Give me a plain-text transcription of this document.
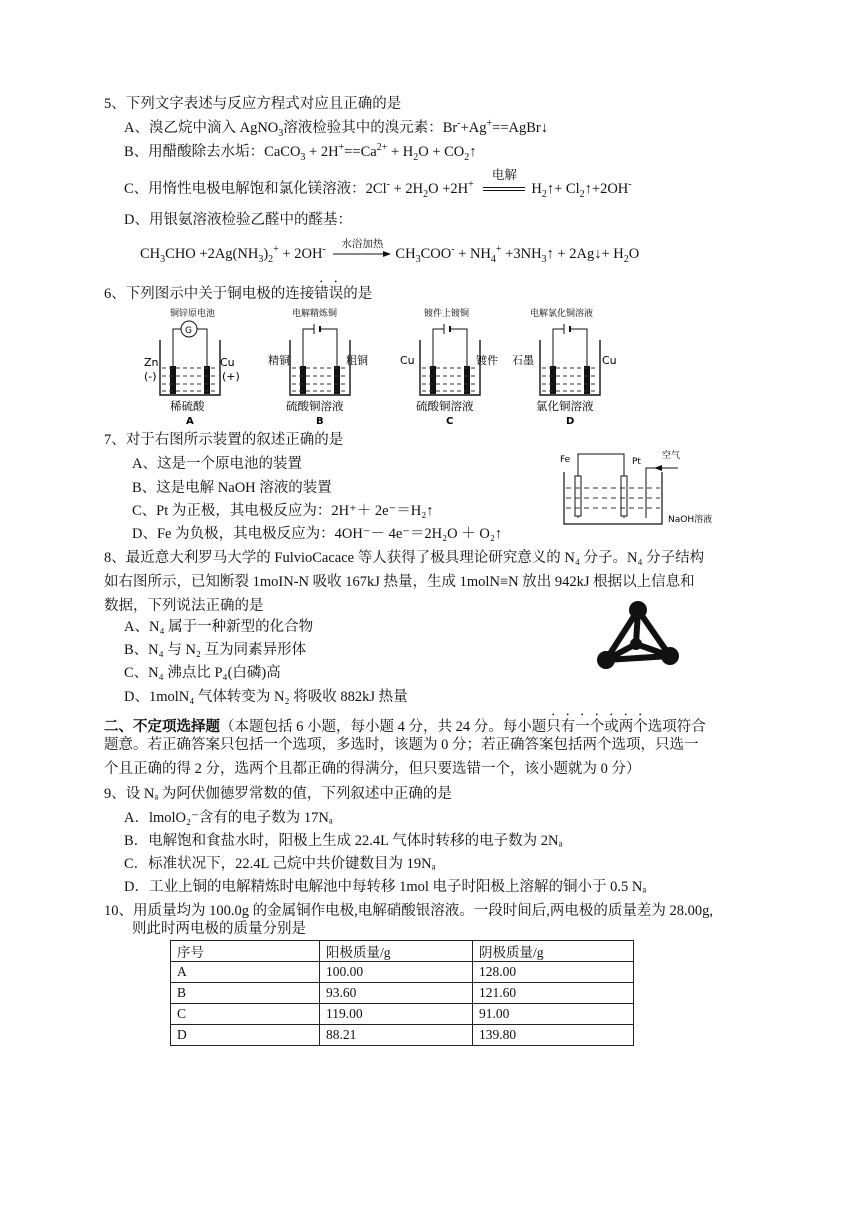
5、下列文字表述与反应方程式对应且正确的是
A、溴乙烷中滴入 AgNO$_3$溶液检验其中的溴元素：Br-+Ag+==AgBr↓
B、用醋酸除去水垢：CaCO$_3$ + $2H^+==Ca^{2+} + H_2O$ + $CO_2↑$
C、用惰性电极电解饱和氯化镁溶液：$2Cl^- + 2H_2O +2H^+$
电解
$H_2↑+$ $Cl_2↑+2OH^-$
D、用银氨溶液检验乙醛中的醛基：
$CH_3CHO +2Ag(NH_3)_2^+ + 2OH^-$	水浴加热
$CH_3COO^- + NH_4^+$ $+3NH_3↑$ + 2Ag↓+ $H_2O$
6、下列图示中关于铜电极的连接错误的是
铜锌原电池
G
Zn
(-)
Cu
(+)
稀硫酸
A
电解精炼铜
精铜	粗铜
硫酸铜溶液
B
镀件上镀铜
Cu	镀件
硫酸铜溶液
C
电解氯化铜溶液
石墨	Cu
氯化铜溶液
D
7、对于右图所示装置的叙述正确的是
A、这是一个原电池的装置
B、这是电解 NaOH 溶液的装置
C、Pt 为正极，其电极反应为：2H⁺＋ 2e⁻＝H₂↑
D、Fe 为负极，其电极反应为：4OH⁻－ 4e⁻＝2H₂O ＋ O₂↑
Fe	Pt
空气
NaOH溶液
8、最近意大利罗马大学的 FulvioCacace 等人获得了极具理论研究意义的 N₄ 分子。N₄ 分子结构
如右图所示，已知断裂 1moIN-N 吸收 167kJ 热量，生成 1molN≡N 放出 942kJ 根据以上信息和
数据，下列说法正确的是
A、N₄ 属于一种新型的化合物
B、N₄ 与 N₂ 互为同素异形体
C、N₄ 沸点比 P₄(白磷)高
D、1molN₄ 气体转变为 N₂ 将吸收 882kJ 热量
二、不定项选择题（本题包括 6 小题，每小题 4 分，共 24 分。每小题只有一个或两个选项符合
题意。若正确答案只包括一个选项，多选时，该题为 0 分；若正确答案包括两个选项，只选一
个且正确的得 2 分，选两个且都正确的得满分，但只要选错一个，该小题就为 0 分）
9、设 Nₐ 为阿伏伽德罗常数的值，下列叙述中正确的是
A．lmolO₂⁻含有的电子数为 17Nₐ
B．电解饱和食盐水时，阳极上生成 22.4L 气体时转移的电子数为 2Nₐ
C．标准状况下，22.4L 己烷中共价键数目为 19Nₐ
D．工业上铜的电解精炼时电解池中每转移 1mol 电子时阳极上溶解的铜小于 0.5 Nₐ
10、用质量均为 100.0g 的金属铜作电极,电解硝酸银溶液。一段时间后,两电极的质量差为 28.00g,
则此时两电极的质量分别是
序号	阳极质量/g	阴极质量/g
A	100.00	128.00
B	93.60	121.60
C	119.00	91.00
D	88.21	139.80
